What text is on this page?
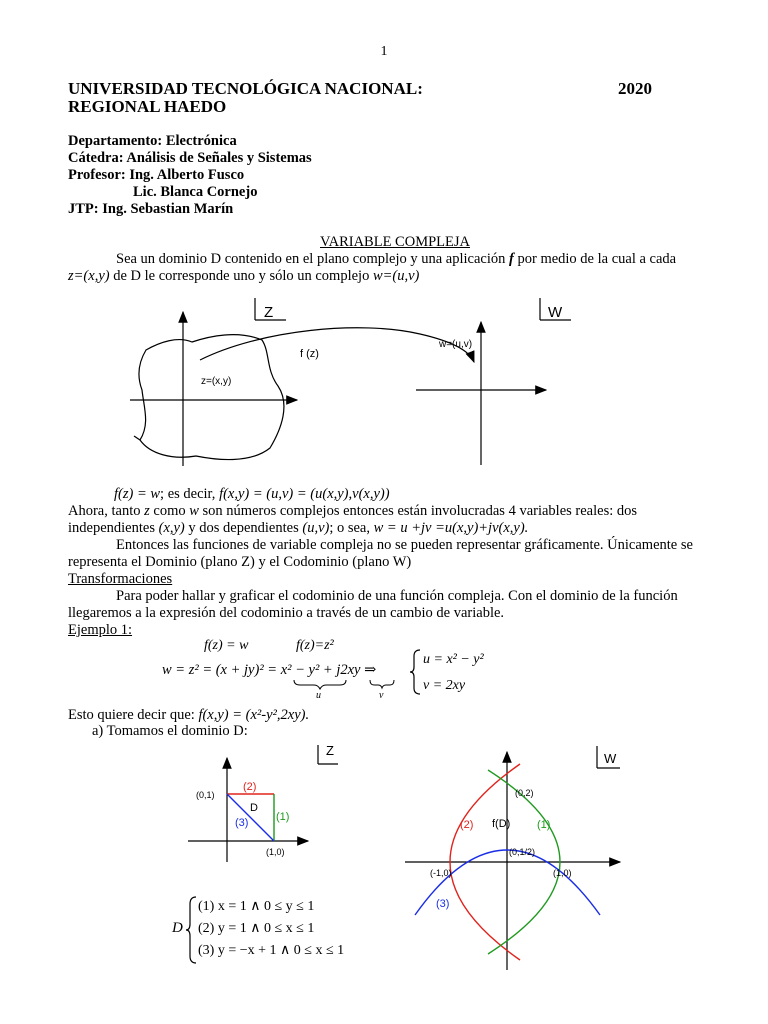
1
UNIVERSIDAD TECNOLÓGICA NACIONAL:	2020
REGIONAL HAEDO
Departamento: Electrónica
Cátedra: Análisis de Señales y Sistemas
Profesor: Ing. Alberto Fusco
Lic. Blanca Cornejo
JTP: Ing. Sebastian Marín
VARIABLE COMPLEJA
Sea un dominio D contenido en el plano complejo y una aplicación f por medio de la cual a cada
z=(x,y) de D le corresponde uno y sólo un complejo w=(u,v)
Z	W
z=(x,y)
f (z)
w=(u,v)
f(z) = w; es decir, f(x,y) = (u,v) = (u(x,y),v(x,y))
Ahora, tanto z como w son números complejos entonces están involucradas 4 variables reales: dos
independientes (x,y) y dos dependientes (u,v); o sea, w = u +jv =u(x,y)+jv(x,y).
Entonces las funciones de variable compleja no se pueden representar gráficamente. Únicamente se
representa el Dominio (plano Z) y el Codominio (plano W)
Transformaciones
Para poder hallar y graficar el codominio de una función compleja. Con el dominio de la función
llegaremos a la expresión del codominio a través de un cambio de variable.
Ejemplo 1:
f(z) = w	f(z)=z²
w = z² = (x + jy)² = x² − y² + j2xy ⇒
u	v
u = x² − y²
v = 2xy
Esto quiere decir que: f(x,y) = (x²-y²,2xy).
a) Tomamos el dominio D:
Z
W
(0,1)
(1,0)
D
(2)
(1)
(3)
(0,2)
(0,1/2)
(-1,0)	(1,0)
f(D)
(2)	(1)
(3)
D
(1) x = 1 ∧ 0 ≤ y ≤ 1
(2) y = 1 ∧ 0 ≤ x ≤ 1
(3) y = −x + 1 ∧ 0 ≤ x ≤ 1
